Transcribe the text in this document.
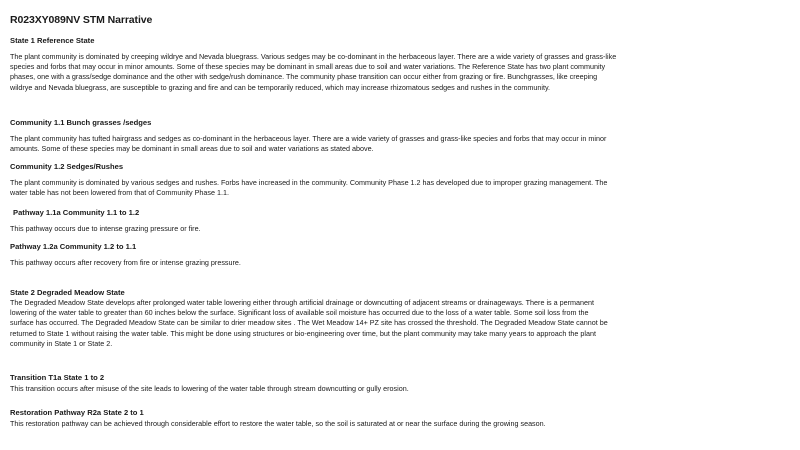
R023XY089NV STM Narrative

State 1 Reference State

The plant community is dominated by creeping wildrye and Nevada bluegrass. Various sedges may be co-dominant in the herbaceous layer. There are a wide variety of grasses and grass-like
species and forbs that may occur in minor amounts. Some of these species may be dominant in small areas due to soil and water variations. The Reference State has two plant community
phases, one with a grass/sedge dominance and the other with sedge/rush dominance. The community phase transition can occur either from grazing or fire. Bunchgrasses, like creeping
wildrye and Nevada bluegrass, are susceptible to grazing and fire and can be temporarily reduced, which may increase rhizomatous sedges and rushes in the community.

Community 1.1 Bunch grasses /sedges

The plant community has tufted hairgrass and sedges as co-dominant in the herbaceous layer. There are a wide variety of grasses and grass-like species and forbs that may occur in minor
amounts. Some of these species may be dominant in small areas due to soil and water variations as stated above.

Community 1.2 Sedges/Rushes

The plant community is dominated by various sedges and rushes. Forbs have increased in the community. Community Phase 1.2 has developed due to improper grazing management. The
water table has not been lowered from that of Community Phase 1.1.

Pathway 1.1a Community 1.1 to 1.2

This pathway occurs due to intense grazing pressure or fire.

Pathway 1.2a Community 1.2 to 1.1

This pathway occurs after recovery from fire or intense grazing pressure.

State 2 Degraded Meadow State

The Degraded Meadow State develops after prolonged water table lowering either through artificial drainage or downcutting of adjacent streams or drainageways. There is a permanent
lowering of the water table to greater than 60 inches below the surface. Significant loss of available soil moisture has occurred due to the loss of a water table. Some soil loss from the
surface has occurred. The Degraded Meadow State can be similar to drier meadow sites . The Wet Meadow 14+ PZ site has crossed the threshold. The Degraded Meadow State cannot be
returned to State 1 without raising the water table. This might be done using structures or bio-engineering over time, but the plant community may take many years to approach the plant
community in State 1 or State 2.

Transition T1a State 1 to 2

This transition occurs after misuse of the site leads to lowering of the water table through stream downcutting or gully erosion.

Restoration Pathway R2a State 2 to 1

This restoration pathway can be achieved through considerable effort to restore the water table, so the soil is saturated at or near the surface during the growing season.
